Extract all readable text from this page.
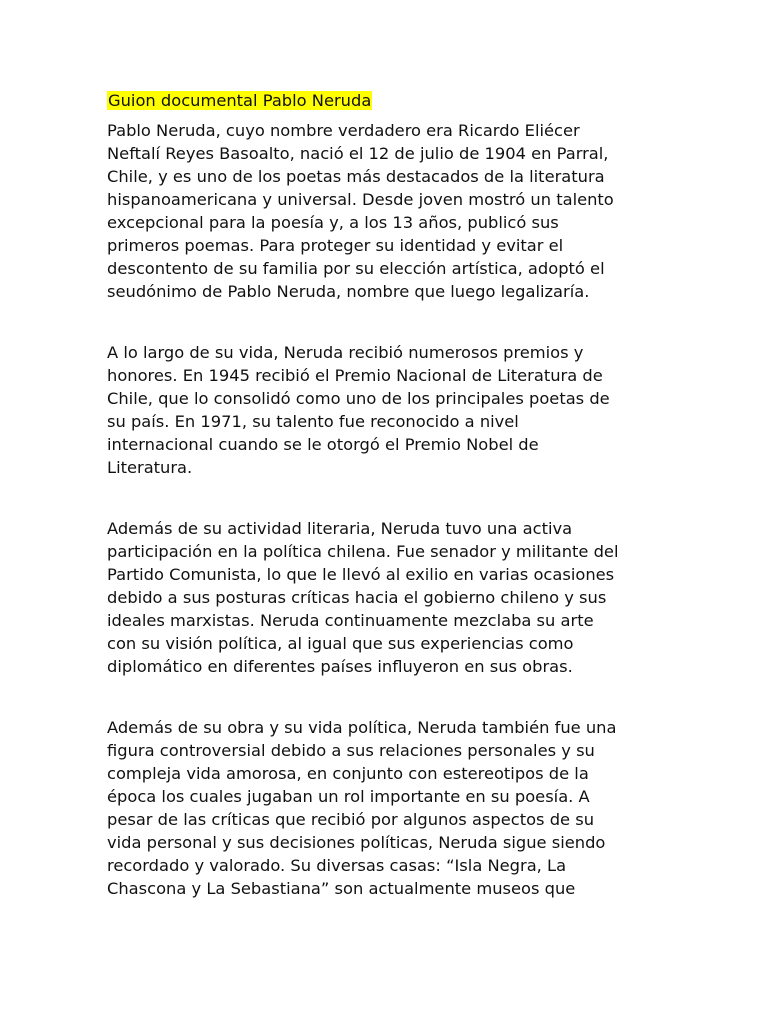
Guion documental Pablo Neruda

Pablo Neruda, cuyo nombre verdadero era Ricardo Eliécer
Neftalí Reyes Basoalto, nació el 12 de julio de 1904 en Parral,
Chile, y es uno de los poetas más destacados de la literatura
hispanoamericana y universal. Desde joven mostró un talento
excepcional para la poesía y, a los 13 años, publicó sus
primeros poemas. Para proteger su identidad y evitar el
descontento de su familia por su elección artística, adoptó el
seudónimo de Pablo Neruda, nombre que luego legalizaría.

A lo largo de su vida, Neruda recibió numerosos premios y
honores. En 1945 recibió el Premio Nacional de Literatura de
Chile, que lo consolidó como uno de los principales poetas de
su país. En 1971, su talento fue reconocido a nivel
internacional cuando se le otorgó el Premio Nobel de
Literatura.

Además de su actividad literaria, Neruda tuvo una activa
participación en la política chilena. Fue senador y militante del
Partido Comunista, lo que le llevó al exilio en varias ocasiones
debido a sus posturas críticas hacia el gobierno chileno y sus
ideales marxistas. Neruda continuamente mezclaba su arte
con su visión política, al igual que sus experiencias como
diplomático en diferentes países influyeron en sus obras.

Además de su obra y su vida política, Neruda también fue una
figura controversial debido a sus relaciones personales y su
compleja vida amorosa, en conjunto con estereotipos de la
época los cuales jugaban un rol importante en su poesía. A
pesar de las críticas que recibió por algunos aspectos de su
vida personal y sus decisiones políticas, Neruda sigue siendo
recordado y valorado. Su diversas casas: “Isla Negra, La
Chascona y La Sebastiana” son actualmente museos que
